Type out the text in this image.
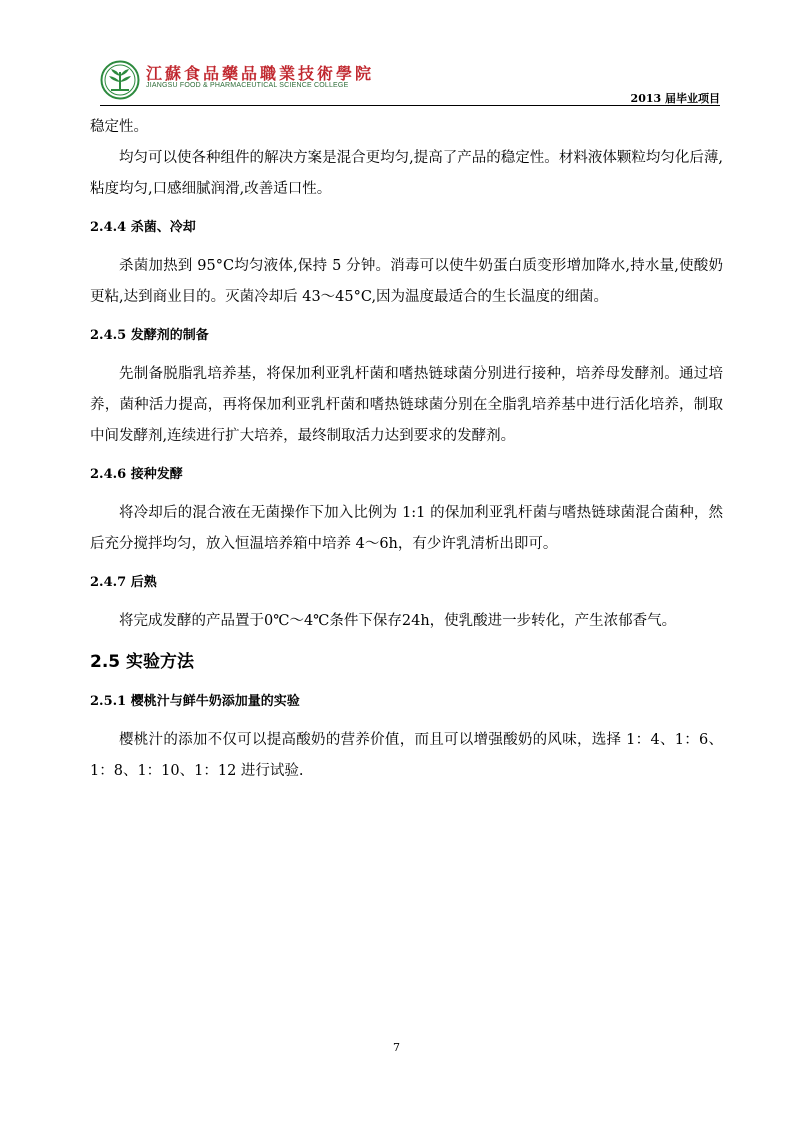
江蘇食品藥品職業技術學院
JIANGSU FOOD & PHARMACEUTICAL SCIENCE COLLEGE
2013 届毕业项目

稳定性。

均匀可以使各种组件的解决方案是混合更均匀,提高了产品的稳定性。材料液体颗粒均匀化后薄,粘度均匀,口感细腻润滑,改善适口性。

2.4.4 杀菌、冷却

杀菌加热到 95°C均匀液体,保持 5 分钟。消毒可以使牛奶蛋白质变形增加降水,持水量,使酸奶更粘,达到商业目的。灭菌冷却后 43～45°C,因为温度最适合的生长温度的细菌。

2.4.5 发酵剂的制备

先制备脱脂乳培养基，将保加利亚乳杆菌和嗜热链球菌分别进行接种，培养母发酵剂。通过培养，菌种活力提高，再将保加利亚乳杆菌和嗜热链球菌分别在全脂乳培养基中进行活化培养，制取中间发酵剂,连续进行扩大培养，最终制取活力达到要求的发酵剂。

2.4.6 接种发酵

将冷却后的混合液在无菌操作下加入比例为 1:1 的保加利亚乳杆菌与嗜热链球菌混合菌种，然后充分搅拌均匀，放入恒温培养箱中培养 4～6h，有少许乳清析出即可。

2.4.7 后熟

将完成发酵的产品置于0℃～4℃条件下保存24h，使乳酸进一步转化，产生浓郁香气。

2.5 实验方法
2.5.1 樱桃汁与鲜牛奶添加量的实验

樱桃汁的添加不仅可以提高酸奶的营养价值，而且可以增强酸奶的风味，选择 1：4、1：6、1：8、1：10、1：12 进行试验.

7
